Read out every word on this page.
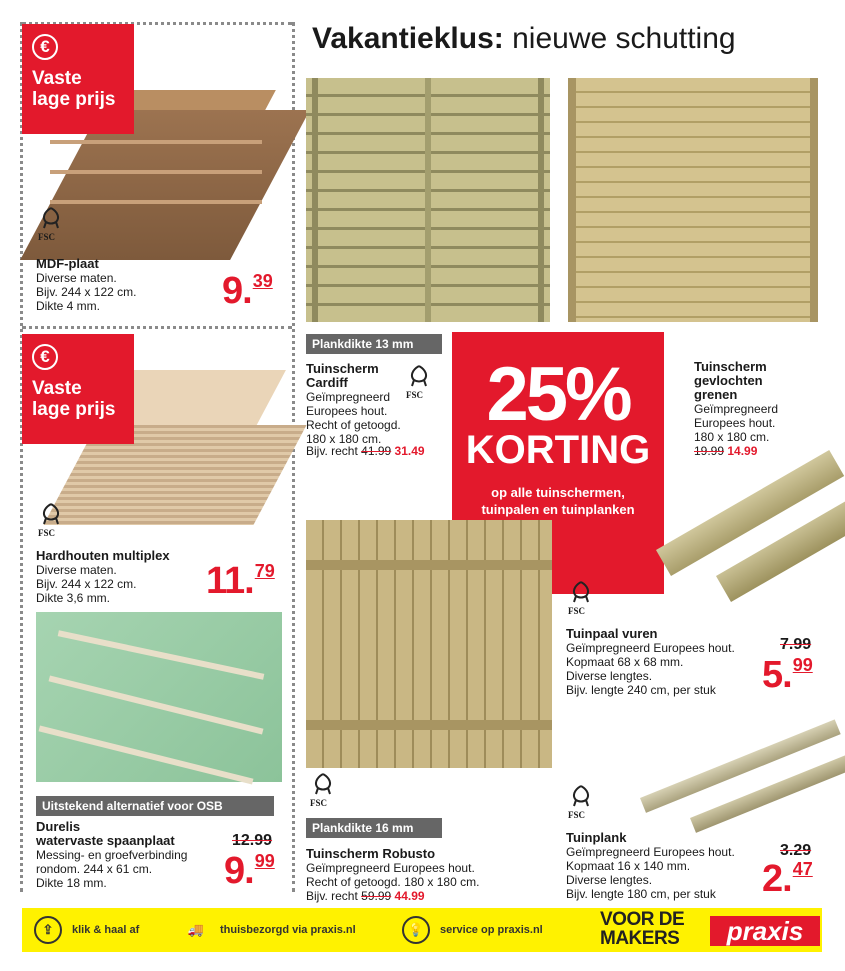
€
Vaste
lage prijs
FSC
MDF-plaat
Diverse maten.
Bijv. 244 x 122 cm.
Dikte 4 mm.	9.39
€
Vaste
lage prijs
FSC
Hardhouten multiplex
Diverse maten.
Bijv. 244 x 122 cm.
Dikte 3,6 mm.	11.79
Uitstekend alternatief voor OSB
Durelis
watervaste spaanplaat
Messing- en groefverbinding
rondom. 244 x 61 cm.
Dikte 18 mm.
12.99
9.99
Vakantieklus: nieuwe schutting
Plankdikte 13 mm
Tuinscherm
Cardiff
FSC
Geïmpregneerd
Europees hout.
Recht of getoogd.
180 x 180 cm.
Bijv. recht 41.99 31.49
Tuinscherm
gevlochten
grenen
Geïmpregneerd
Europees hout.
180 x 180 cm.
19.99 14.99
25%
KORTING
op alle tuinschermen,
tuinpalen en tuinplanken
FSC
Plankdikte 16 mm
Tuinscherm Robusto
Geïmpregneerd Europees hout.
Recht of getoogd. 180 x 180 cm.
Bijv. recht 59.99 44.99
FSC
Tuinpaal vuren
Geïmpregneerd Europees hout.
Kopmaat 68 x 68 mm.
Diverse lengtes.
Bijv. lengte 240 cm, per stuk
7.99
5.99
FSC
Tuinplank
Geïmpregneerd Europees hout.
Kopmaat 16 x 140 mm.
Diverse lengtes.
Bijv. lengte 180 cm, per stuk
3.29
2.47
⇪	klik & haal af	🚚	thuisbezorgd via praxis.nl	💡	service op praxis.nl	VOOR DE
MAKERS	praxis
